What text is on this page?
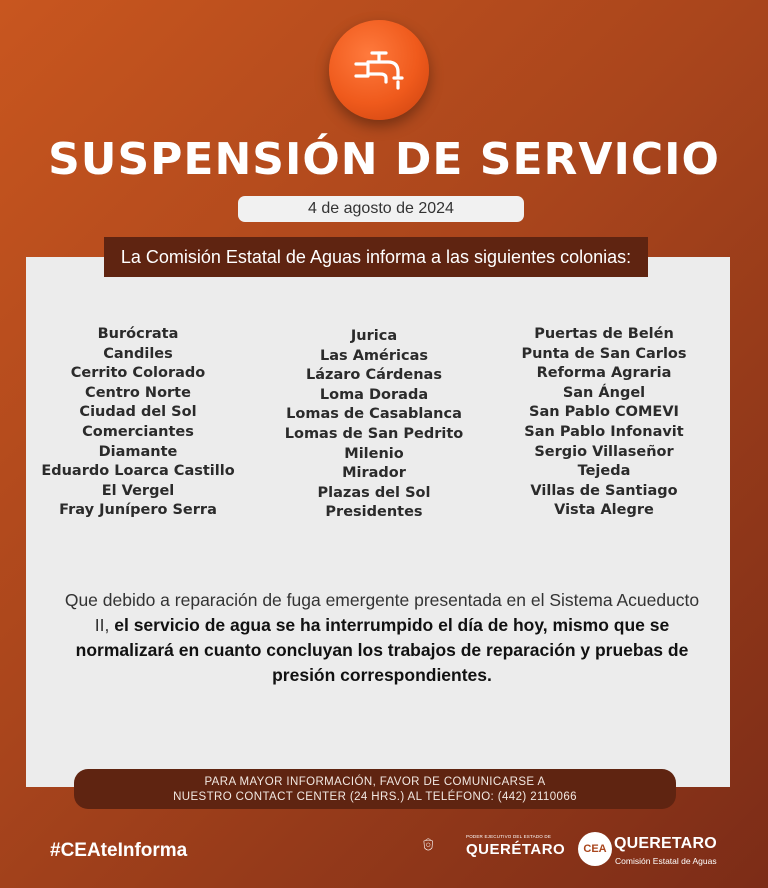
SUSPENSIÓN DE SERVICIO
4 de agosto de 2024
La Comisión Estatal de Aguas informa a las siguientes colonias:
Burócrata
Candiles
Cerrito Colorado
Centro Norte
Ciudad del Sol
Comerciantes
Diamante
Eduardo Loarca Castillo
El Vergel
Fray Junípero Serra
Jurica
Las Américas
Lázaro Cárdenas
Loma Dorada
Lomas de Casablanca
Lomas de San Pedrito
Milenio
Mirador
Plazas del Sol
Presidentes
Puertas de Belén
Punta de San Carlos
Reforma Agraria
San Ángel
San Pablo COMEVI
San Pablo Infonavit
Sergio Villaseñor
Tejeda
Villas de Santiago
Vista Alegre
Que debido a reparación de fuga emergente presentada en el Sistema Acueducto II, el servicio de agua se ha interrumpido el día de hoy, mismo que se normalizará en cuanto concluyan los trabajos de reparación y pruebas de presión correspondientes.
PARA MAYOR INFORMACIÓN, FAVOR DE COMUNICARSE A
NUESTRO CONTACT CENTER (24 HRS.) AL TELÉFONO: (442) 2110066
#CEAteInforma
PODER EJECUTIVO DEL ESTADO DE
QUERÉTARO	CEA QUERETARO
Comisión Estatal de Aguas
